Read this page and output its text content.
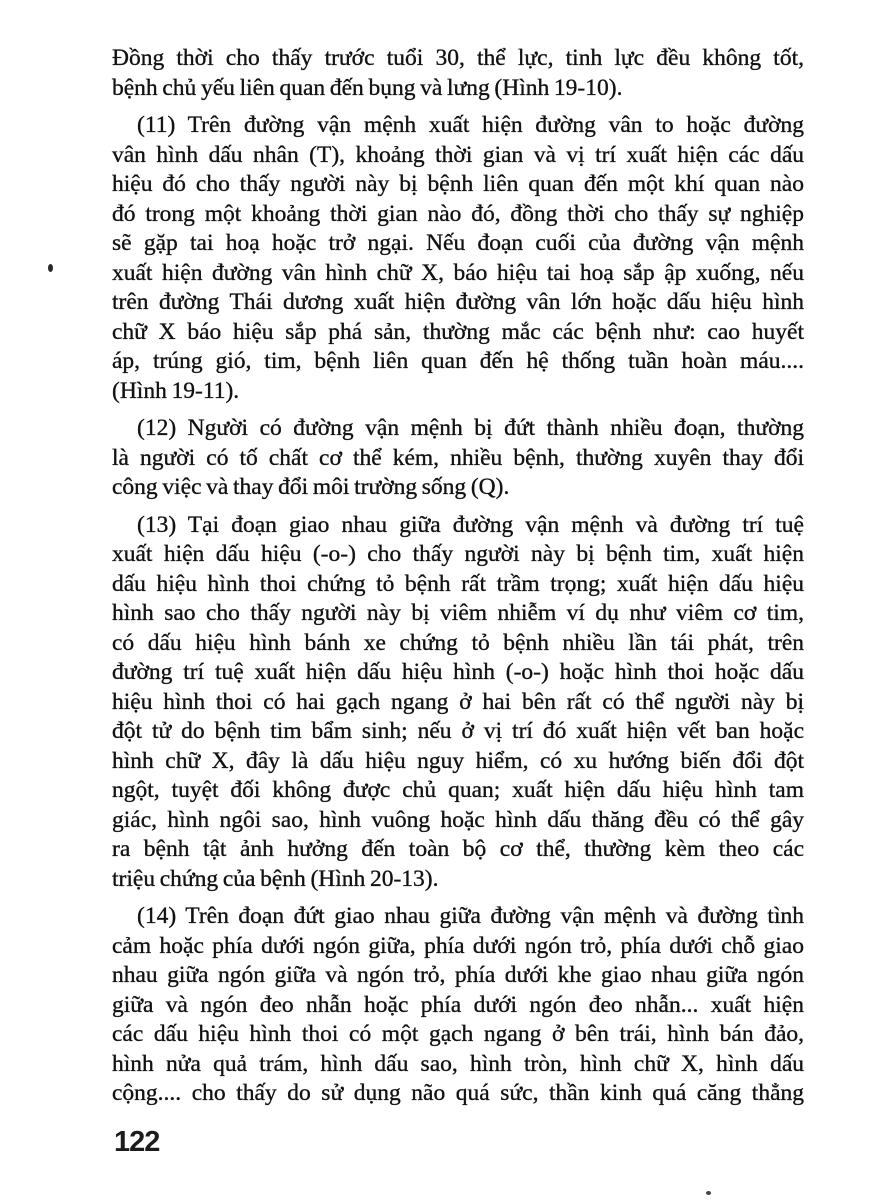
Đồng thời cho thấy trước tuổi 30, thể lực, tinh lực đều không tốt,
bệnh chủ yếu liên quan đến bụng và lưng (Hình 19-10).
(11) Trên đường vận mệnh xuất hiện đường vân to hoặc đường
vân hình dấu nhân (T), khoảng thời gian và vị trí xuất hiện các dấu
hiệu đó cho thấy người này bị bệnh liên quan đến một khí quan nào
đó trong một khoảng thời gian nào đó, đồng thời cho thấy sự nghiệp
sẽ gặp tai hoạ hoặc trở ngại. Nếu đoạn cuối của đường vận mệnh
xuất hiện đường vân hình chữ X, báo hiệu tai hoạ sắp ập xuống, nếu
trên đường Thái dương xuất hiện đường vân lớn hoặc dấu hiệu hình
chữ X báo hiệu sắp phá sản, thường mắc các bệnh như: cao huyết
áp, trúng gió, tim, bệnh liên quan đến hệ thống tuần hoàn máu....
(Hình 19-11).
(12) Người có đường vận mệnh bị đứt thành nhiều đoạn, thường
là người có tố chất cơ thể kém, nhiều bệnh, thường xuyên thay đổi
công việc và thay đổi môi trường sống (Q).
(13) Tại đoạn giao nhau giữa đường vận mệnh và đường trí tuệ
xuất hiện dấu hiệu (-o-) cho thấy người này bị bệnh tim, xuất hiện
dấu hiệu hình thoi chứng tỏ bệnh rất trầm trọng; xuất hiện dấu hiệu
hình sao cho thấy người này bị viêm nhiễm ví dụ như viêm cơ tim,
có dấu hiệu hình bánh xe chứng tỏ bệnh nhiều lần tái phát, trên
đường trí tuệ xuất hiện dấu hiệu hình (-o-) hoặc hình thoi hoặc dấu
hiệu hình thoi có hai gạch ngang ở hai bên rất có thể người này bị
đột tử do bệnh tim bẩm sinh; nếu ở vị trí đó xuất hiện vết ban hoặc
hình chữ X, đây là dấu hiệu nguy hiểm, có xu hướng biến đổi đột
ngột, tuyệt đối không được chủ quan; xuất hiện dấu hiệu hình tam
giác, hình ngôi sao, hình vuông hoặc hình dấu thăng đều có thể gây
ra bệnh tật ảnh hưởng đến toàn bộ cơ thể, thường kèm theo các
triệu chứng của bệnh (Hình 20-13).
(14) Trên đoạn đứt giao nhau giữa đường vận mệnh và đường tình
cảm hoặc phía dưới ngón giữa, phía dưới ngón trỏ, phía dưới chỗ giao
nhau giữa ngón giữa và ngón trỏ, phía dưới khe giao nhau giữa ngón
giữa và ngón đeo nhẫn hoặc phía dưới ngón đeo nhẫn... xuất hiện
các dấu hiệu hình thoi có một gạch ngang ở bên trái, hình bán đảo,
hình nửa quả trám, hình dấu sao, hình tròn, hình chữ X, hình dấu
cộng.... cho thấy do sử dụng não quá sức, thần kinh quá căng thẳng
122
